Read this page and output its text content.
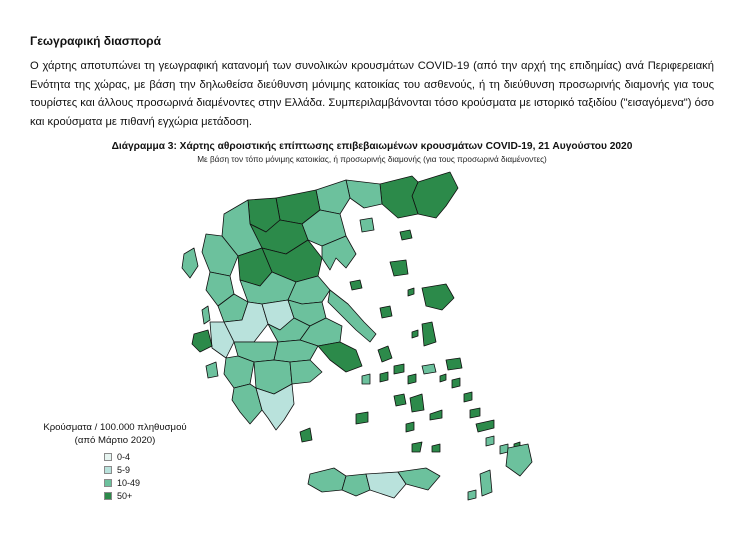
Γεωγραφική διασπορά
Ο χάρτης αποτυπώνει τη γεωγραφική κατανομή των συνολικών κρουσμάτων COVID-19 (από την αρχή της επιδημίας) ανά Περιφερειακή Ενότητα της χώρας, με βάση την δηλωθείσα διεύθυνση μόνιμης κατοικίας του ασθενούς, ή τη διεύθυνση προσωρινής διαμονής για τους τουρίστες και άλλους προσωρινά διαμένοντες στην Ελλάδα. Συμπεριλαμβάνονται τόσο κρούσματα με ιστορικό ταξιδίου ("εισαγόμενα") όσο και κρούσματα με πιθανή εγχώρια μετάδοση.
Διάγραμμα 3: Χάρτης αθροιστικής επίπτωσης επιβεβαιωμένων κρουσμάτων COVID-19, 21 Αυγούστου 2020
Με βάση τον τόπο μόνιμης κατοικίας, ή προσωρινής διαμονής (για τους προσωρινά διαμένοντες)
Κρούσματα / 100.000 πληθυσμού
(από Μάρτιο 2020)
0-4
5-9
10-49
50+
